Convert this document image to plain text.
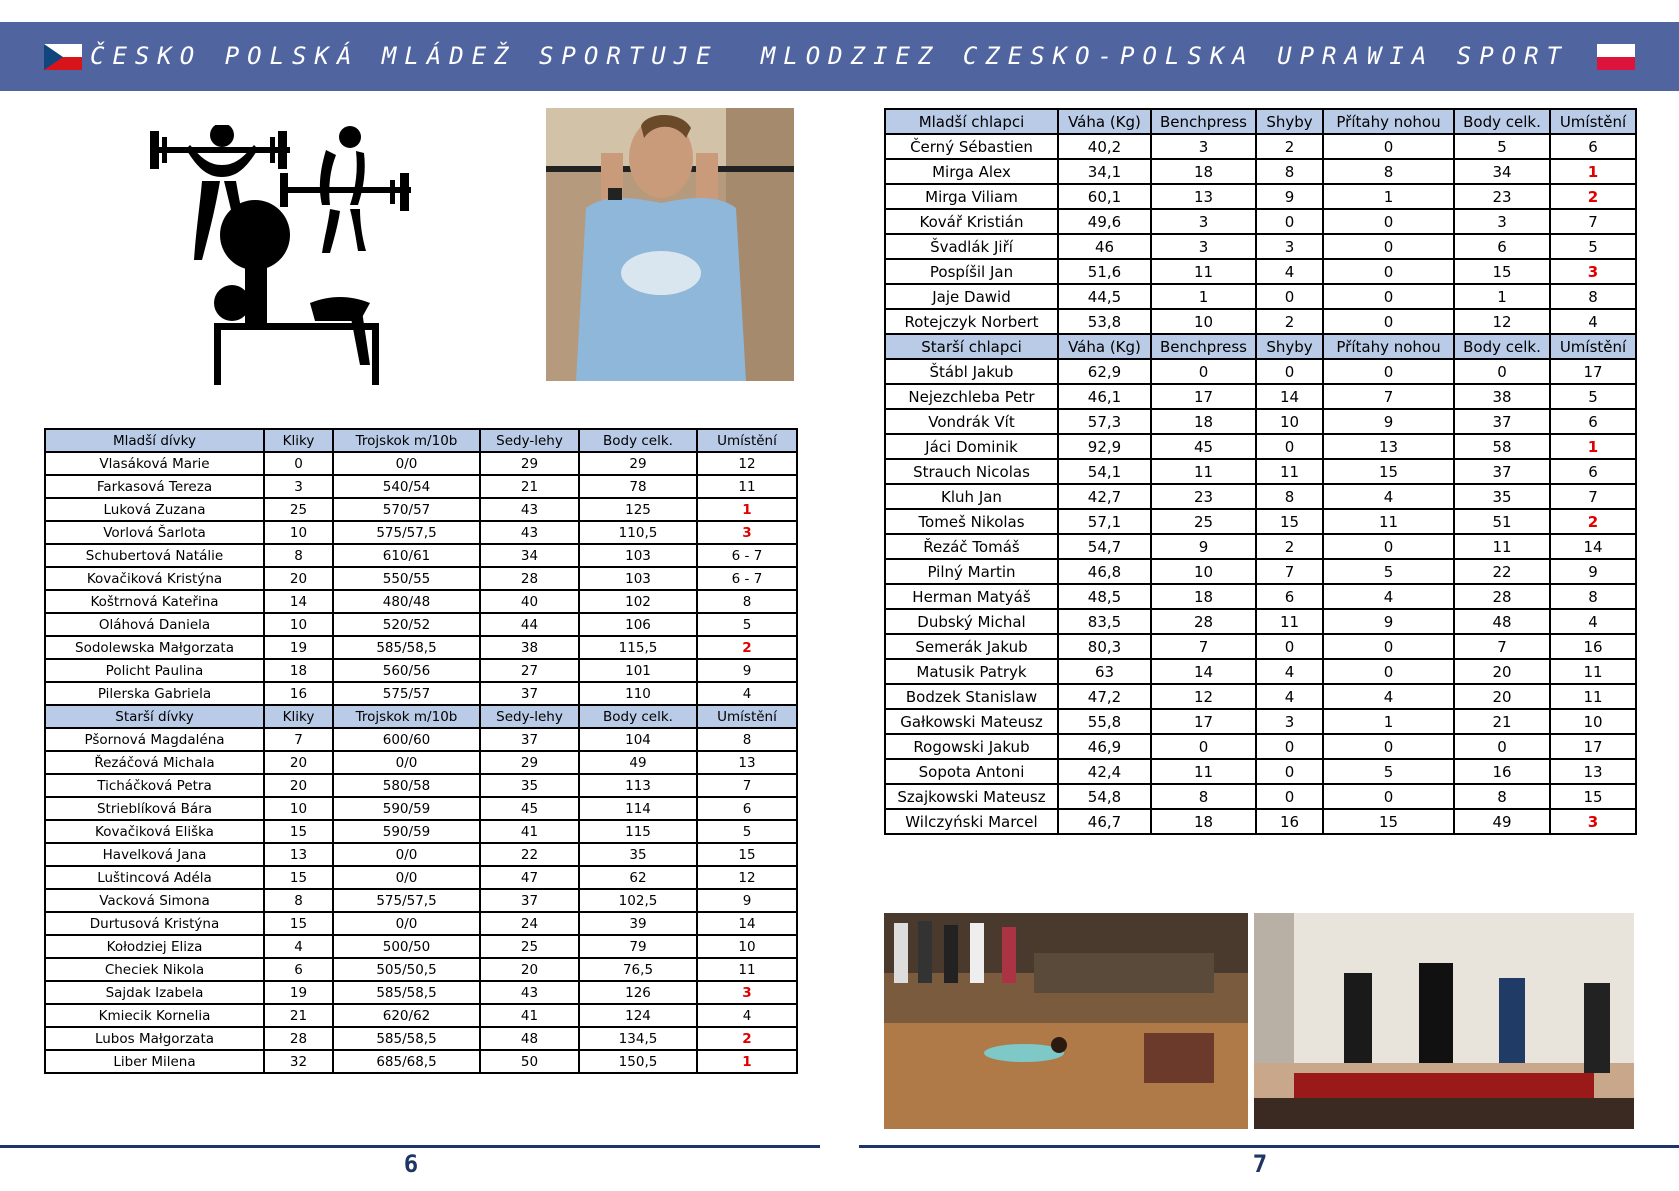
ČESKO POLSKÁ MLÁDEŽ SPORTUJE MLODZIEZ CZESKO-POLSKA UPRAWIA SPORT
Mladší dívky	Kliky	Trojskok m/10b	Sedy-lehy	Body celk.	Umístění
Vlasáková Marie	0	0/0	29	29	12
Farkasová Tereza	3	540/54	21	78	11
Luková Zuzana	25	570/57	43	125	1
Vorlová Šarlota	10	575/57,5	43	110,5	3
Schubertová Natálie	8	610/61	34	103	6 - 7
Kovačiková Kristýna	20	550/55	28	103	6 - 7
Koštrnová Kateřina	14	480/48	40	102	8
Oláhová Daniela	10	520/52	44	106	5
Sodolewska Małgorzata	19	585/58,5	38	115,5	2
Policht Paulina	18	560/56	27	101	9
Pilerska Gabriela	16	575/57	37	110	4
Starší dívky	Kliky	Trojskok m/10b	Sedy-lehy	Body celk.	Umístění
Pšornová Magdaléna	7	600/60	37	104	8
Řezáčová Michala	20	0/0	29	49	13
Ticháčková Petra	20	580/58	35	113	7
Strieblíková Bára	10	590/59	45	114	6
Kovačiková Eliška	15	590/59	41	115	5
Havelková Jana	13	0/0	22	35	15
Luštincová Adéla	15	0/0	47	62	12
Vacková Simona	8	575/57,5	37	102,5	9
Durtusová Kristýna	15	0/0	24	39	14
Kołodziej Eliza	4	500/50	25	79	10
Checiek Nikola	6	505/50,5	20	76,5	11
Sajdak Izabela	19	585/58,5	43	126	3
Kmiecik Kornelia	21	620/62	41	124	4
Lubos Małgorzata	28	585/58,5	48	134,5	2
Liber Milena	32	685/68,5	50	150,5	1
Mladší chlapci	Váha (Kg)	Benchpress	Shyby	Přítahy nohou	Body celk.	Umístění
Černý Sébastien	40,2	3	2	0	5	6
Mirga Alex	34,1	18	8	8	34	1
Mirga Viliam	60,1	13	9	1	23	2
Kovář Kristián	49,6	3	0	0	3	7
Švadlák Jiří	46	3	3	0	6	5
Pospíšil Jan	51,6	11	4	0	15	3
Jaje Dawid	44,5	1	0	0	1	8
Rotejczyk Norbert	53,8	10	2	0	12	4
Starší chlapci	Váha (Kg)	Benchpress	Shyby	Přítahy nohou	Body celk.	Umístění
Štábl Jakub	62,9	0	0	0	0	17
Nejezchleba Petr	46,1	17	14	7	38	5
Vondrák Vít	57,3	18	10	9	37	6
Jáci Dominik	92,9	45	0	13	58	1
Strauch Nicolas	54,1	11	11	15	37	6
Kluh Jan	42,7	23	8	4	35	7
Tomeš Nikolas	57,1	25	15	11	51	2
Řezáč Tomáš	54,7	9	2	0	11	14
Pilný Martin	46,8	10	7	5	22	9
Herman Matyáš	48,5	18	6	4	28	8
Dubský Michal	83,5	28	11	9	48	4
Semerák Jakub	80,3	7	0	0	7	16
Matusik Patryk	63	14	4	0	20	11
Bodzek Stanislaw	47,2	12	4	4	20	11
Gałkowski Mateusz	55,8	17	3	1	21	10
Rogowski Jakub	46,9	0	0	0	0	17
Sopota Antoni	42,4	11	0	5	16	13
Szajkowski Mateusz	54,8	8	0	0	8	15
Wilczyński Marcel	46,7	18	16	15	49	3
6	7
